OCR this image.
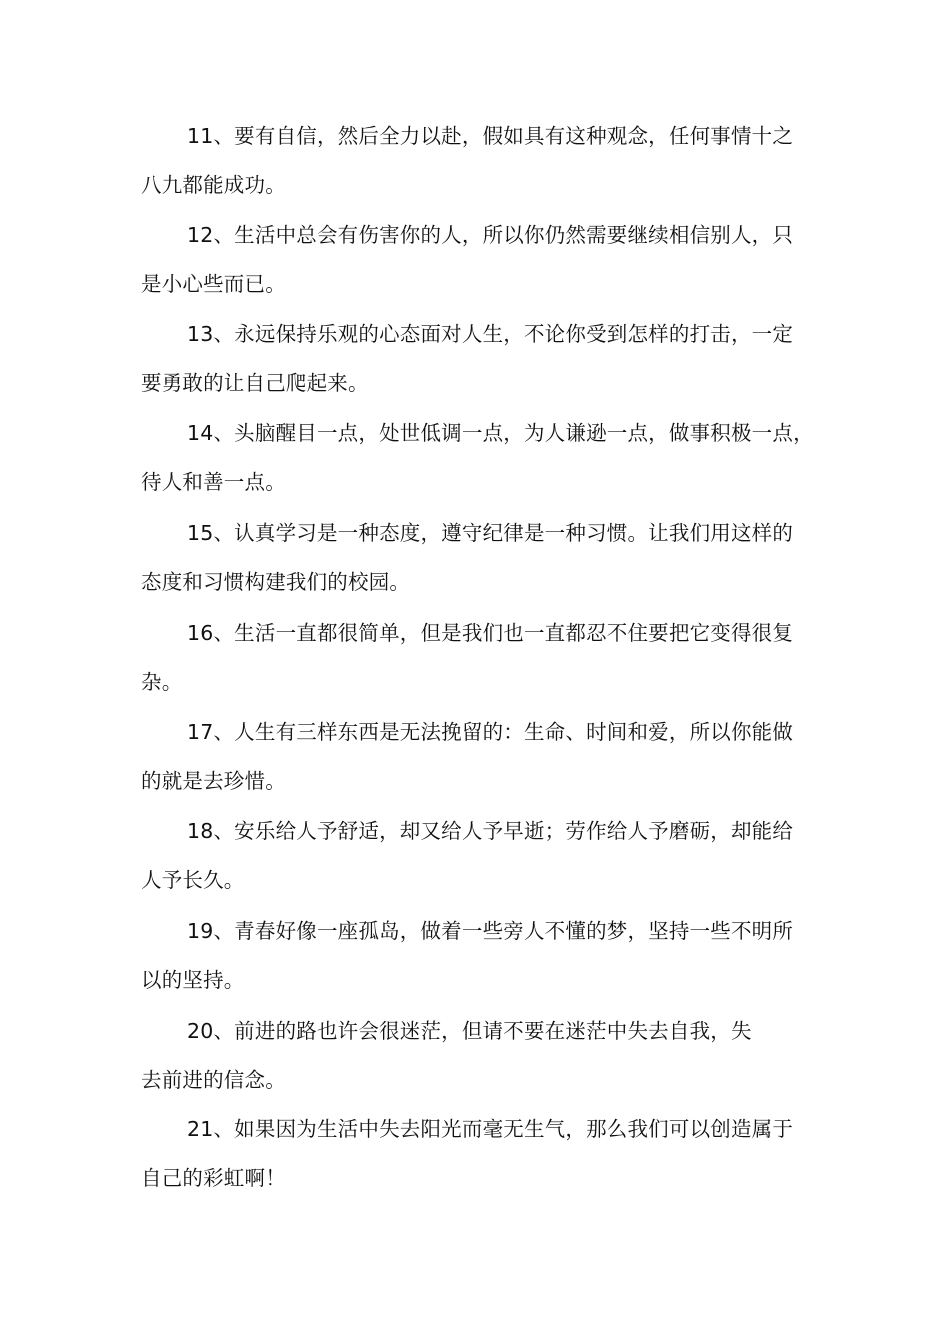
11、要有自信，然后全力以赴，假如具有这种观念，任何事情十之
八九都能成功。
12、生活中总会有伤害你的人，所以你仍然需要继续相信别人，只
是小心些而已。
13、永远保持乐观的心态面对人生，不论你受到怎样的打击，一定
要勇敢的让自己爬起来。
14、头脑醒目一点，处世低调一点，为人谦逊一点，做事积极一点，
待人和善一点。
15、认真学习是一种态度，遵守纪律是一种习惯。让我们用这样的
态度和习惯构建我们的校园。
16、生活一直都很简单，但是我们也一直都忍不住要把它变得很复
杂。
17、人生有三样东西是无法挽留的：生命、时间和爱，所以你能做
的就是去珍惜。
18、安乐给人予舒适，却又给人予早逝；劳作给人予磨砺，却能给
人予长久。
19、青春好像一座孤岛，做着一些旁人不懂的梦，坚持一些不明所
以的坚持。
20、前进的路也许会很迷茫，但请不要在迷茫中失去自我，失
去前进的信念。
21、如果因为生活中失去阳光而毫无生气，那么我们可以创造属于
自己的彩虹啊！
